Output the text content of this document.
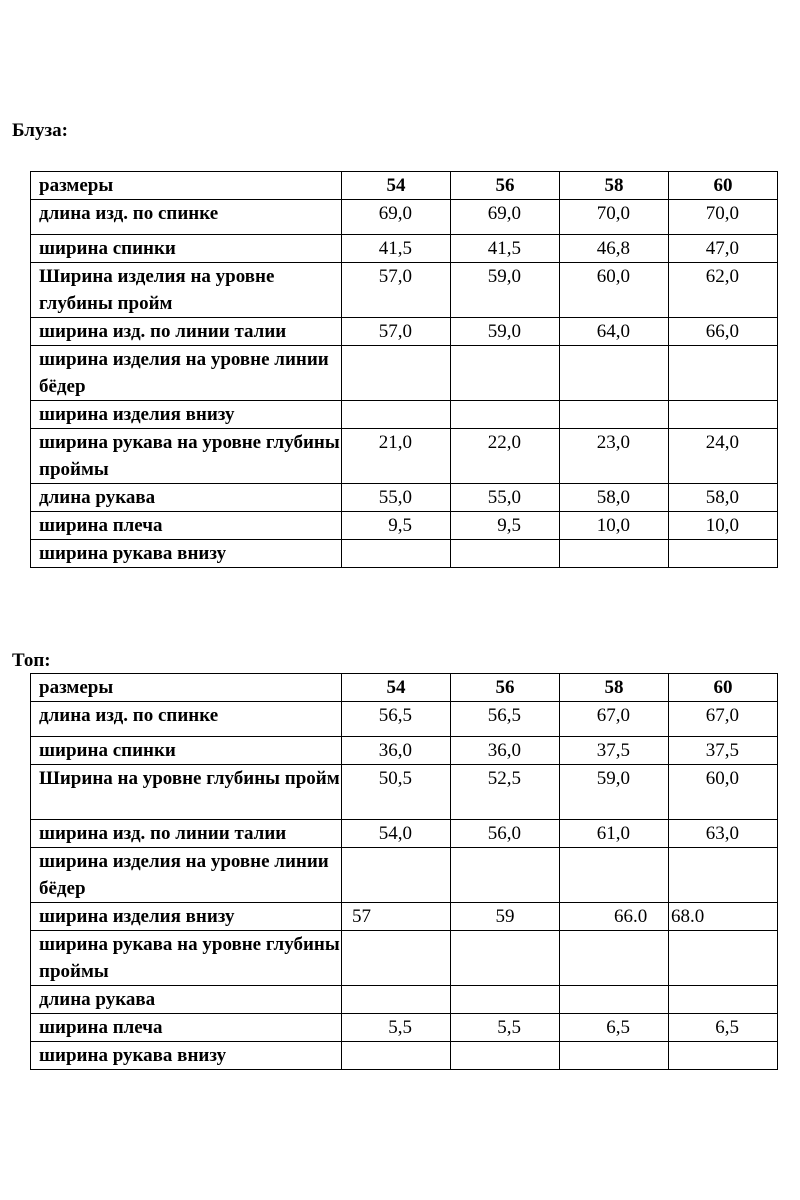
Блуза:
размеры	54	56	58	60
длина изд. по спинке	69,0	69,0	70,0	70,0
ширина спинки	41,5	41,5	46,8	47,0
Ширина изделия на уровне глубины пройм	57,0	59,0	60,0	62,0
ширина изд. по линии талии	57,0	59,0	64,0	66,0
ширина изделия на уровне линии бёдер				
ширина изделия внизу				
ширина рукава на уровне глубины проймы	21,0	22,0	23,0	24,0
длина рукава	55,0	55,0	58,0	58,0
ширина плеча	9,5	9,5	10,0	10,0
ширина рукава внизу				
Топ:
размеры	54	56	58	60
длина изд. по спинке	56,5	56,5	67,0	67,0
ширина спинки	36,0	36,0	37,5	37,5
Ширина на уровне глубины пройм	50,5	52,5	59,0	60,0
ширина изд. по линии талии	54,0	56,0	61,0	63,0
ширина изделия на уровне линии бёдер				
ширина изделия внизу	57	59	66.0	68.0
ширина рукава на уровне глубины проймы				
длина рукава				
ширина плеча	5,5	5,5	6,5	6,5
ширина рукава внизу				
